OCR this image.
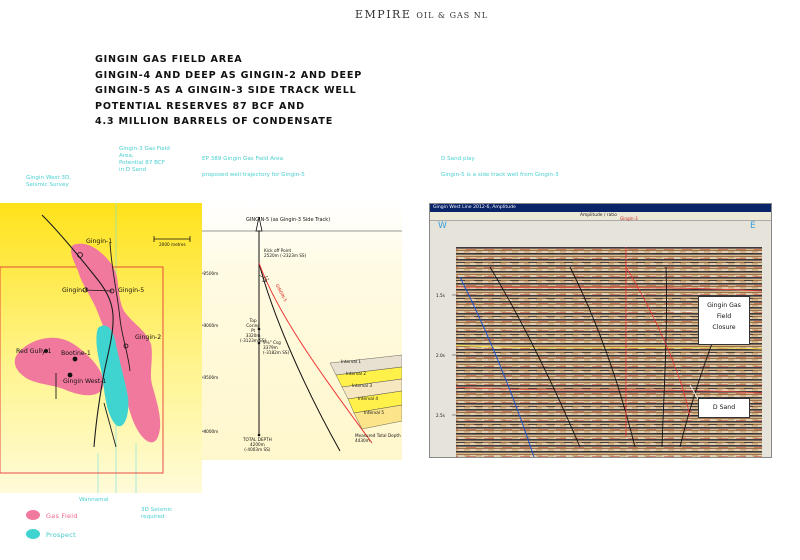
EMPIRE OIL & GAS NL
GINGIN GAS FIELD AREA
GINGIN-4 AND DEEP AS GINGIN-2 AND DEEP
GINGIN-5 AS A GINGIN-3 SIDE TRACK WELL
POTENTIAL RESERVES 87 BCF AND
4.3 MILLION BARRELS OF CONDENSATE
Gingin-3 Gas Field
Area,
Potential 87 BCF
in D Sand
Gingin West 3D,
Seismic Survey
EP 389 Gingin Gas Field Area
proposed well trajectory for Gingin-5
D Sand play
Gingin-5 is a side track well from Gingin-3
Wannamal
3D Seismic
required
2000 metres
Gingin-1
Gingin-3	Gingin-5
Gingin-2
Red Gully-1 Bootine-1
Gingin West-1
Gas Field
Prospect
GINGIN-5 (as Gingin-3 Side Track)
-2500m
-3000m
-3500m
-4000m
Kick off Point
2520m (-2323m SS)
28°
GINGIN-5
Top
Coring
Pt
3320m
(-3123m SS)
9⅝" Csg
3379m
(-3182m SS)
TOTAL DEPTH
4200m
(-4003m SS)
Measured Total Depth
4430m
Interval 1
Interval 2
Interval 3
Interval 4
Interval 5
Gingin West Line 2012-6, Amplitude
Amplitude / ratio
W	E
Gingin-3
1.5s
2.0s
2.5s
Gingin Gas
Field
Closure
D Sand
